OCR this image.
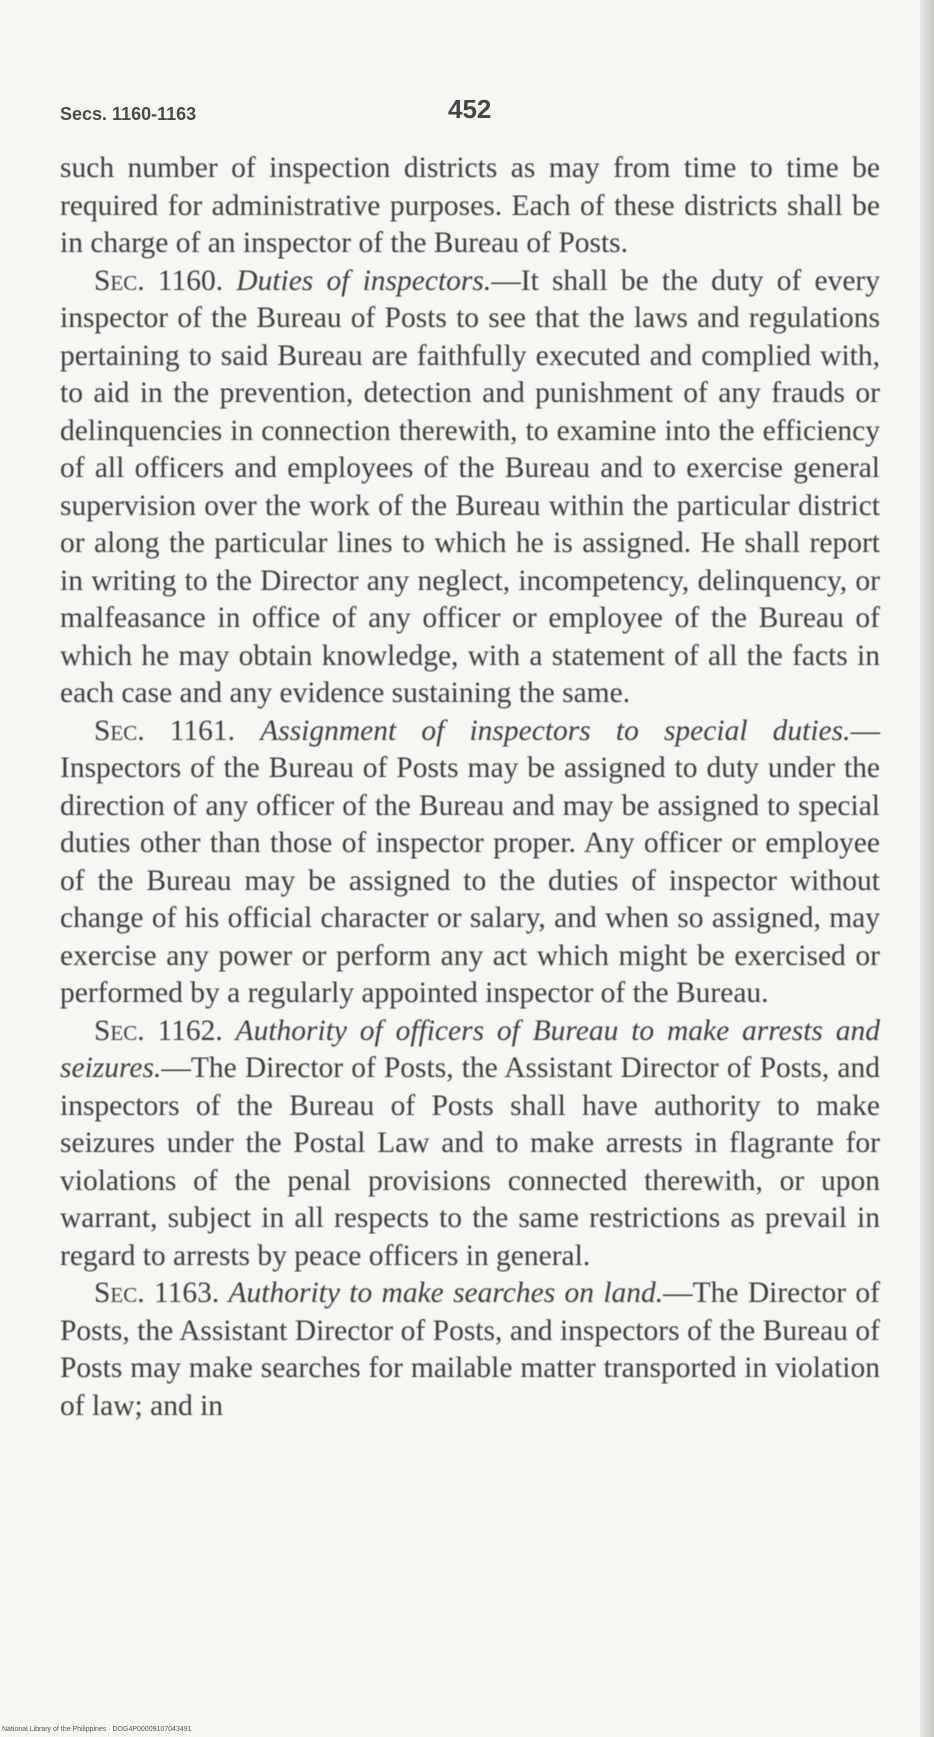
Secs. 1160-1163	452

such number of inspection districts as may from time to time be required for administrative purposes. Each of these districts shall be in charge of an inspector of the Bureau of Posts.

Sec. 1160. Duties of inspectors.—It shall be the duty of every inspector of the Bureau of Posts to see that the laws and regulations pertaining to said Bureau are faithfully executed and complied with, to aid in the prevention, detection and punishment of any frauds or delinquencies in connection therewith, to examine into the efficiency of all officers and employees of the Bureau and to exercise general supervision over the work of the Bureau within the particular district or along the particular lines to which he is assigned. He shall report in writing to the Director any neglect, incompetency, delinquency, or malfeasance in office of any officer or employee of the Bureau of which he may obtain knowledge, with a statement of all the facts in each case and any evidence sustaining the same.

Sec. 1161. Assignment of inspectors to special duties.— Inspectors of the Bureau of Posts may be assigned to duty under the direction of any officer of the Bureau and may be assigned to special duties other than those of inspector proper. Any officer or employee of the Bureau may be assigned to the duties of inspector without change of his official character or salary, and when so assigned, may exercise any power or perform any act which might be exercised or performed by a regularly appointed inspector of the Bureau.

Sec. 1162. Authority of officers of Bureau to make arrests and seizures.—The Director of Posts, the Assistant Director of Posts, and inspectors of the Bureau of Posts shall have authority to make seizures under the Postal Law and to make arrests in flagrante for violations of the penal provisions connected therewith, or upon warrant, subject in all respects to the same restrictions as prevail in regard to arrests by peace officers in general.

Sec. 1163. Authority to make searches on land.—The Director of Posts, the Assistant Director of Posts, and inspectors of the Bureau of Posts may make searches for mailable matter transported in violation of law; and in

National Library of the Philippines · DOG4P00009107043491
